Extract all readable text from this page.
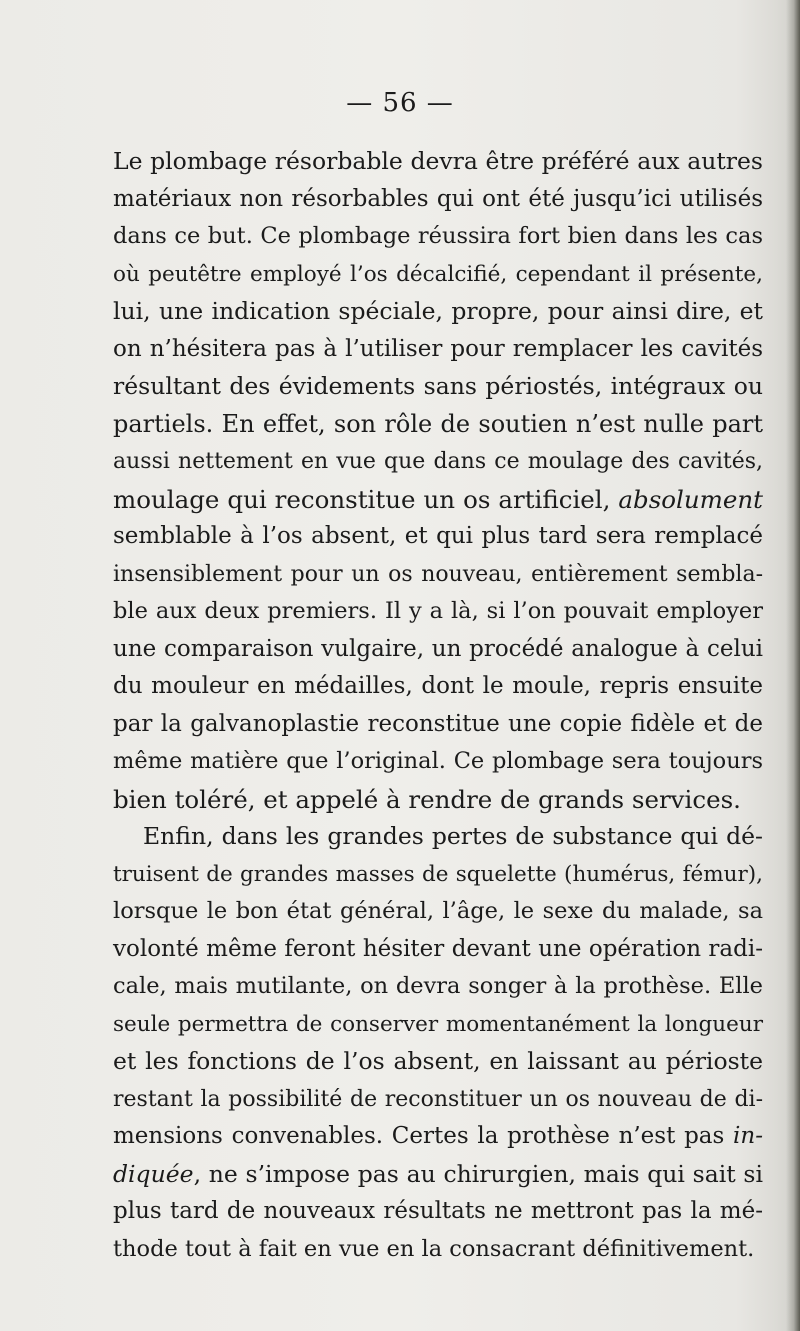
— 56 —
Le plombage résorbable devra être préféré aux autres
matériaux non résorbables qui ont été jusqu’ici utilisés
dans ce but. Ce plombage réussira fort bien dans les cas
où peutêtre employé l’os décalcifié, cependant il présente,
lui, une indication spéciale, propre, pour ainsi dire, et
on n’hésitera pas à l’utiliser pour remplacer les cavités
résultant des évidements sans périostés, intégraux ou
partiels. En effet, son rôle de soutien n’est nulle part
aussi nettement en vue que dans ce moulage des cavités,
moulage qui reconstitue un os artificiel, absolument
semblable à l’os absent, et qui plus tard sera remplacé
insensiblement pour un os nouveau, entièrement sembla-
ble aux deux premiers. Il y a là, si l’on pouvait employer
une comparaison vulgaire, un procédé analogue à celui
du mouleur en médailles, dont le moule, repris ensuite
par la galvanoplastie reconstitue une copie fidèle et de
même matière que l’original. Ce plombage sera toujours
bien toléré, et appelé à rendre de grands services.
Enfin, dans les grandes pertes de substance qui dé-
truisent de grandes masses de squelette (humérus, fémur),
lorsque le bon état général, l’âge, le sexe du malade, sa
volonté même feront hésiter devant une opération radi-
cale, mais mutilante, on devra songer à la prothèse. Elle
seule permettra de conserver momentanément la longueur
et les fonctions de l’os absent, en laissant au périoste
restant la possibilité de reconstituer un os nouveau de di-
mensions convenables. Certes la prothèse n’est pas in-
diquée, ne s’impose pas au chirurgien, mais qui sait si
plus tard de nouveaux résultats ne mettront pas la mé-
thode tout à fait en vue en la consacrant définitivement.
